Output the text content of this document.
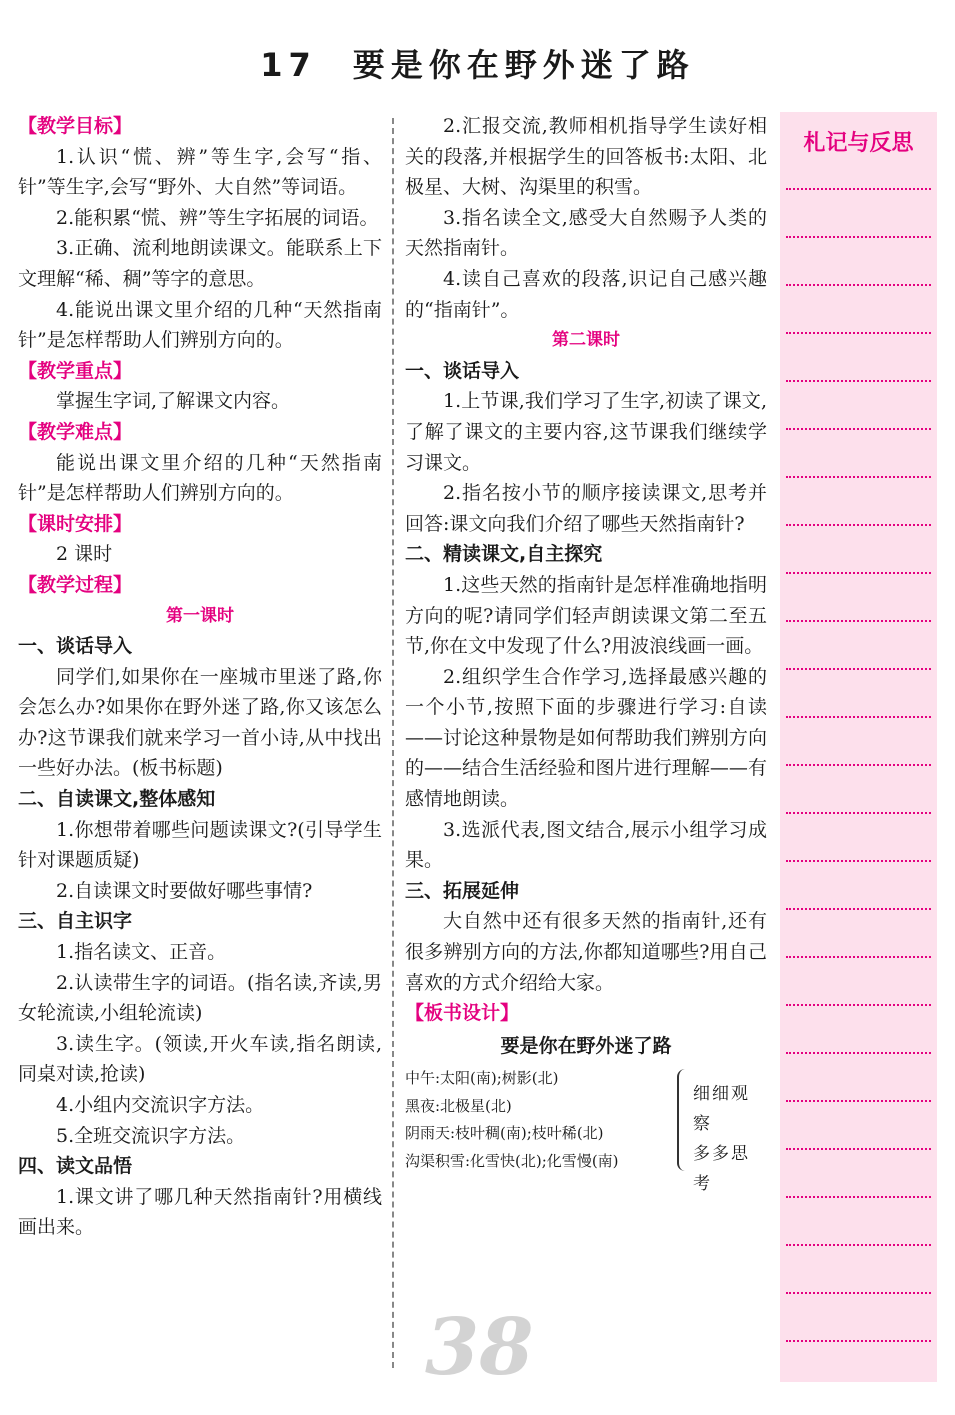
17 要是你在野外迷了路

【教学目标】

1.认识“慌、辨”等生字,会写“指、针”等生字,会写“野外、大自然”等词语。

2.能积累“慌、辨”等生字拓展的词语。

3.正确、流利地朗读课文。能联系上下文理解“稀、稠”等字的意思。

4.能说出课文里介绍的几种“天然指南针”是怎样帮助人们辨别方向的。

【教学重点】

掌握生字词,了解课文内容。

【教学难点】

能说出课文里介绍的几种“天然指南针”是怎样帮助人们辨别方向的。

【课时安排】

2 课时

【教学过程】

第一课时

一、谈话导入

同学们,如果你在一座城市里迷了路,你会怎么办?如果你在野外迷了路,你又该怎么办?这节课我们就来学习一首小诗,从中找出一些好办法。(板书标题)

二、自读课文,整体感知

1.你想带着哪些问题读课文?(引导学生针对课题质疑)

2.自读课文时要做好哪些事情?

三、自主识字

1.指名读文、正音。

2.认读带生字的词语。(指名读,齐读,男女轮流读,小组轮流读)

3.读生字。(领读,开火车读,指名朗读,同桌对读,抢读)

4.小组内交流识字方法。

5.全班交流识字方法。

四、读文品悟

1.课文讲了哪几种天然指南针?用横线画出来。

2.汇报交流,教师相机指导学生读好相关的段落,并根据学生的回答板书:太阳、北极星、大树、沟渠里的积雪。

3.指名读全文,感受大自然赐予人类的天然指南针。

4.读自己喜欢的段落,识记自己感兴趣的“指南针”。

第二课时

一、谈话导入

1.上节课,我们学习了生字,初读了课文,了解了课文的主要内容,这节课我们继续学习课文。

2.指名按小节的顺序接读课文,思考并回答:课文向我们介绍了哪些天然指南针?

二、精读课文,自主探究

1.这些天然的指南针是怎样准确地指明方向的呢?请同学们轻声朗读课文第二至五节,你在文中发现了什么?用波浪线画一画。

2.组织学生合作学习,选择最感兴趣的一个小节,按照下面的步骤进行学习:自读——讨论这种景物是如何帮助我们辨别方向的——结合生活经验和图片进行理解——有感情地朗读。

3.选派代表,图文结合,展示小组学习成果。

三、拓展延伸

大自然中还有很多天然的指南针,还有很多辨别方向的方法,你都知道哪些?用自己喜欢的方式介绍给大家。

【板书设计】

要是你在野外迷了路

中午:太阳(南);树影(北)
黑夜:北极星(北)
阴雨天:枝叶稠(南);枝叶稀(北)
沟渠积雪:化雪快(北);化雪慢(南)
细细观察
多多思考
札记与反思
38
